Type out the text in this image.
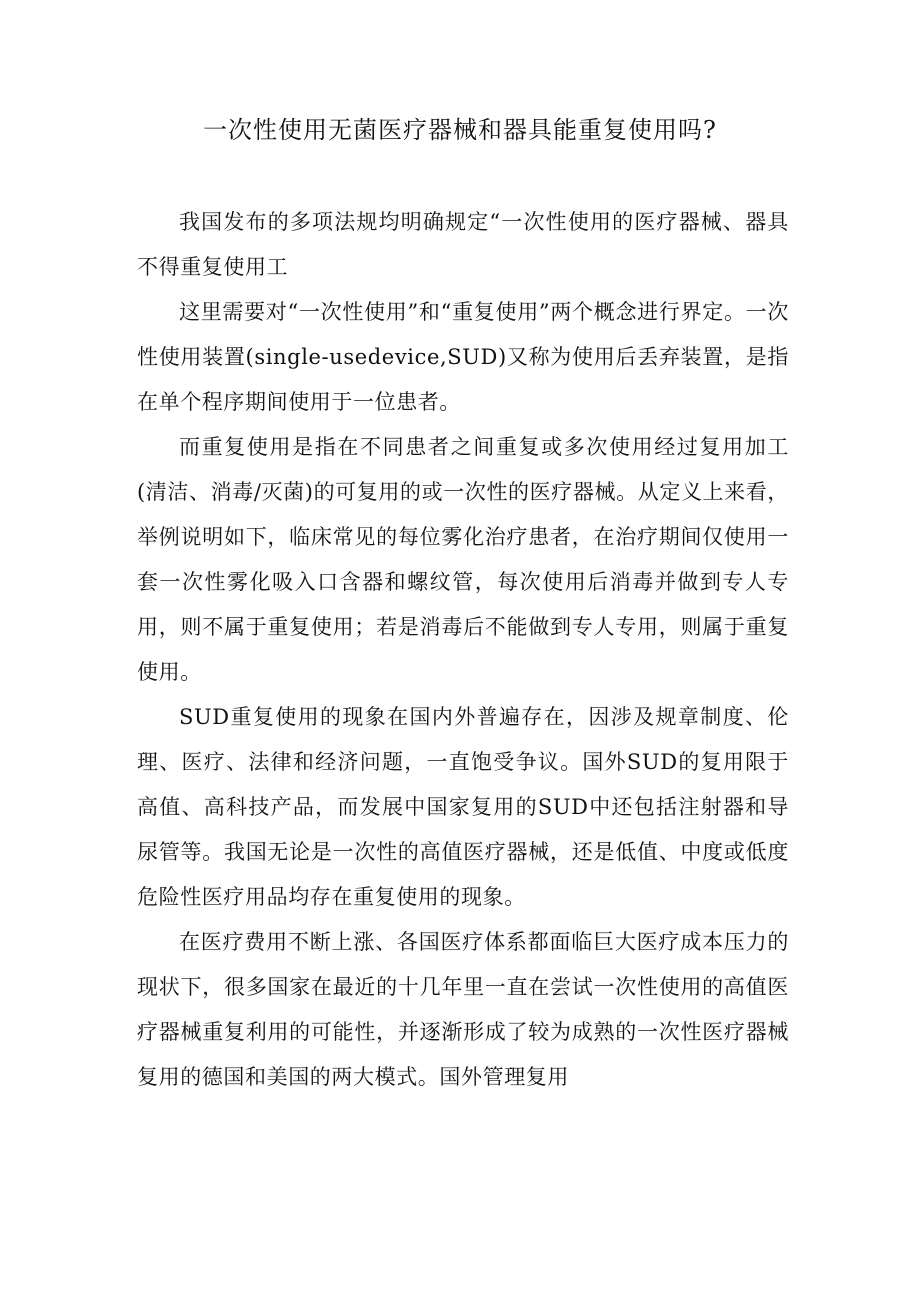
一次性使用无菌医疗器械和器具能重复使用吗?

我国发布的多项法规均明确规定“一次性使用的医疗器械、器具不得重复使用工

这里需要对“一次性使用”和“重复使用”两个概念进行界定。一次性使用装置(single-usedevice,SUD)又称为使用后丢弃装置，是指在单个程序期间使用于一位患者。

而重复使用是指在不同患者之间重复或多次使用经过复用加工(清洁、消毒/灭菌)的可复用的或一次性的医疗器械。从定义上来看，举例说明如下，临床常见的每位雾化治疗患者，在治疗期间仅使用一套一次性雾化吸入口含器和螺纹管，每次使用后消毒并做到专人专用，则不属于重复使用；若是消毒后不能做到专人专用，则属于重复使用。

SUD重复使用的现象在国内外普遍存在，因涉及规章制度、伦理、医疗、法律和经济问题，一直饱受争议。国外SUD的复用限于高值、高科技产品，而发展中国家复用的SUD中还包括注射器和导尿管等。我国无论是一次性的高值医疗器械，还是低值、中度或低度危险性医疗用品均存在重复使用的现象。

在医疗费用不断上涨、各国医疗体系都面临巨大医疗成本压力的现状下，很多国家在最近的十几年里一直在尝试一次性使用的高值医疗器械重复利用的可能性，并逐渐形成了较为成熟的一次性医疗器械复用的德国和美国的两大模式。国外管理复用
